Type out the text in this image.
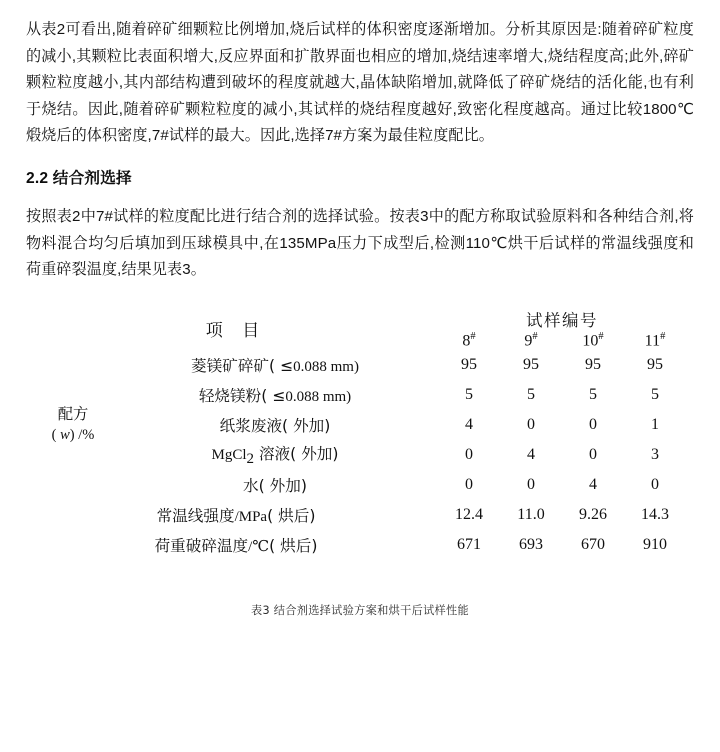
从表2可看出,随着碎矿细颗粒比例增加,烧后试样的体积密度逐渐增加。分析其原因是:随着碎矿粒度的减小,其颗粒比表面积增大,反应界面和扩散界面也相应的增加,烧结速率增大,烧结程度高;此外,碎矿颗粒粒度越小,其内部结构遭到破坏的程度就越大,晶体缺陷增加,就降低了碎矿烧结的活化能,也有利于烧结。因此,随着碎矿颗粒粒度的减小,其试样的烧结程度越好,致密化程度越高。通过比较1800℃煅烧后的体积密度,7#试样的最大。因此,选择7#方案为最佳粒度配比。

2.2 结合剂选择

按照表2中7#试样的粒度配比进行结合剂的选择试验。按表3中的配方称取试验原料和各种结合剂,将物料混合均匀后填加到压球模具中,在135MPa压力下成型后,检测110℃烘干后试样的常温线强度和荷重碎裂温度,结果见表3。

项 目		试样编号			
		8#	9#	10#	11#
配方
( w) /%	菱镁矿碎矿( ≤0.088 mm)	95	95	95	95
	轻烧镁粉( ≤0.088 mm)	5	5	5	5
	纸浆废液( 外加)	4	0	0	1
	MgCl$_2$ 溶液( 外加)	0	4	0	3
	水( 外加)	0	0	4	0
常温线强度/MPa( 烘后)		12.4	11.0	9.26	14.3
荷重破碎温度/℃( 烘后)		671	693	670	910

表3 结合剂选择试验方案和烘干后试样性能
